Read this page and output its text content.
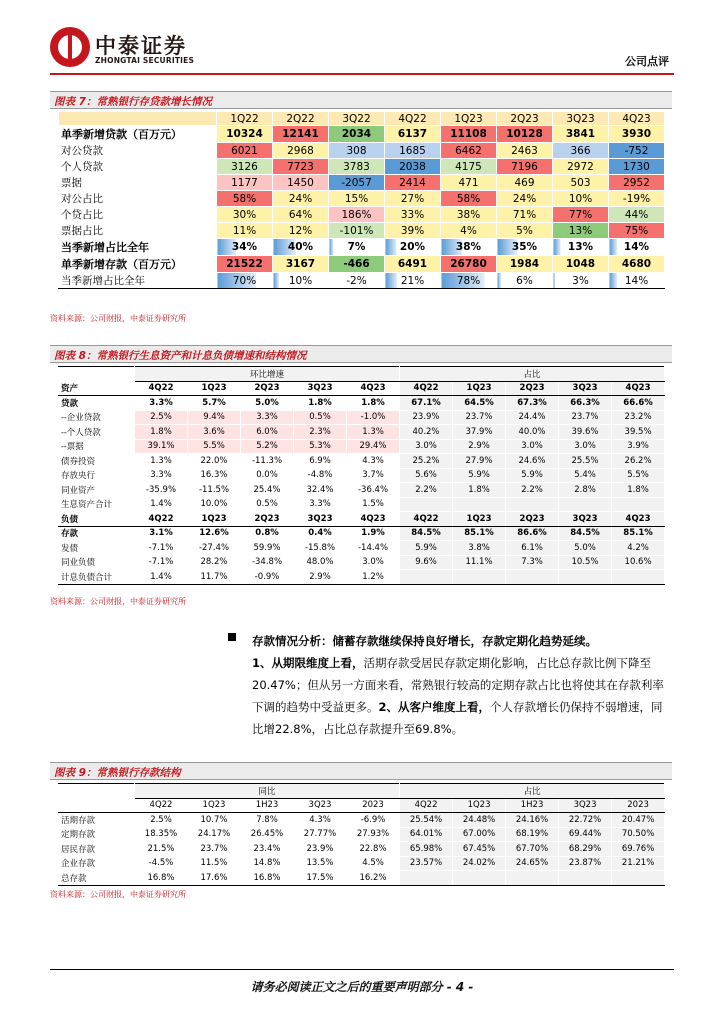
中泰证券
ZHONGTAI SECURITIES	公司点评
图表 7：常熟银行存贷款增长情况
	1Q22	2Q22	3Q22	4Q22	1Q23	2Q23	3Q23	4Q23
单季新增贷款（百万元）	10324	12141	2034	6137	11108	10128	3841	3930
对公贷款	6021	2968	308	1685	6462	2463	366	-752
个人贷款	3126	7723	3783	2038	4175	7196	2972	1730
票据	1177	1450	-2057	2414	471	469	503	2952
对公占比	58%	24%	15%	27%	58%	24%	10%	-19%
个贷占比	30%	64%	186%	33%	38%	71%	77%	44%
票据占比	11%	12%	-101%	39%	4%	5%	13%	75%
当季新增占比全年	34%	40%	7%	20%	38%	35%	13%	14%

单季新增存款（百万元）	21522	3167	-466	6491	26780	1984	1048	4680
当季新增占比全年	70%	10%	-2%	21%	78%	6%	3%	14%
资料来源：公司财报，中泰证券研究所
图表 8：常熟银行生息资产和计息负债增速和结构情况
	环比增速					占比				
资产	4Q22	1Q23	2Q23	3Q23	4Q23	4Q22	1Q23	2Q23	3Q23	4Q23
贷款	3.3%	5.7%	5.0%	1.8%	1.8%	67.1%	64.5%	67.3%	66.3%	66.6%
--企业贷款	2.5%	9.4%	3.3%	0.5%	-1.0%	23.9%	23.7%	24.4%	23.7%	23.2%
--个人贷款	1.8%	3.6%	6.0%	2.3%	1.3%	40.2%	37.9%	40.0%	39.6%	39.5%
--票据	39.1%	5.5%	5.2%	5.3%	29.4%	3.0%	2.9%	3.0%	3.0%	3.9%
债券投资	1.3%	22.0%	-11.3%	6.9%	4.3%	25.2%	27.9%	24.6%	25.5%	26.2%
存放央行	3.3%	16.3%	0.0%	-4.8%	3.7%	5.6%	5.9%	5.9%	5.4%	5.5%
同业资产	-35.9%	-11.5%	25.4%	32.4%	-36.4%	2.2%	1.8%	2.2%	2.8%	1.8%
生息资产合计	1.4%	10.0%	0.5%	3.3%	1.5%					
负债	4Q22	1Q23	2Q23	3Q23	4Q23	4Q22	1Q23	2Q23	3Q23	4Q23
存款	3.1%	12.6%	0.8%	0.4%	1.9%	84.5%	85.1%	86.6%	84.5%	85.1%
发债	-7.1%	-27.4%	59.9%	-15.8%	-14.4%	5.9%	3.8%	6.1%	5.0%	4.2%
同业负债	-7.1%	28.2%	-34.8%	48.0%	3.0%	9.6%	11.1%	7.3%	10.5%	10.6%
计息负债合计	1.4%	11.7%	-0.9%	2.9%	1.2%					
资料来源：公司财报，中泰证券研究所
存款情况分析：储蓄存款继续保持良好增长，存款定期化趋势延续。
1、从期限维度上看，活期存款受居民存款定期化影响，占比总存款比例下降至20.47%；但从另一方面来看，常熟银行较高的定期存款占比也将使其在存款利率下调的趋势中受益更多。2、从客户维度上看，个人存款增长仍保持不弱增速，同比增22.8%，占比总存款提升至69.8%。
图表 9：常熟银行存款结构
	同比					占比				
	4Q22	1Q23	1H23	3Q23	2023	4Q22	1Q23	1H23	3Q23	2023
活期存款	2.5%	10.7%	7.8%	4.3%	-6.9%	25.54%	24.48%	24.16%	22.72%	20.47%
定期存款	18.35%	24.17%	26.45%	27.77%	27.93%	64.01%	67.00%	68.19%	69.44%	70.50%
居民存款	21.5%	23.7%	23.4%	23.9%	22.8%	65.98%	67.45%	67.70%	68.29%	69.76%
企业存款	-4.5%	11.5%	14.8%	13.5%	4.5%	23.57%	24.02%	24.65%	23.87%	21.21%
总存款	16.8%	17.6%	16.8%	17.5%	16.2%					
资料来源：公司财报，中泰证券研究所
请务必阅读正文之后的重要声明部分 - 4 -
